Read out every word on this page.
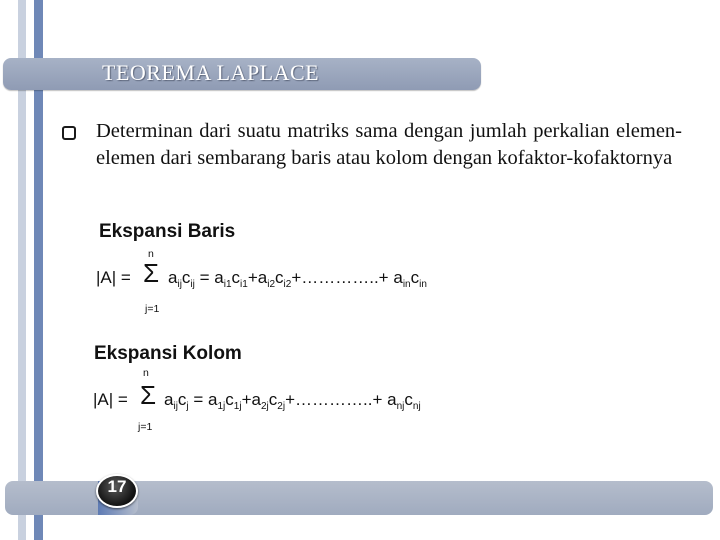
TEOREMA LAPLACE
Determinan dari suatu matriks sama dengan jumlah perkalian elemen-elemen dari sembarang baris atau kolom dengan kofaktor-kofaktornya
Ekspansi Baris
n
|A| = Σ
j=1
$a_{ij}c_{ij}$ = $a_{i1}c_{i1}+a_{i2}c_{i2}+\dots\dots\dots\dots..+ a_{in}c_{in}$
Ekspansi Kolom
n
|A| = Σ
j=1
$a_{ij}c_j$ = $a_{1j}c_{1j}+a_{2j}c_{2j}+\dots\dots\dots\dots..+ a_{nj}c_{nj}$
17
